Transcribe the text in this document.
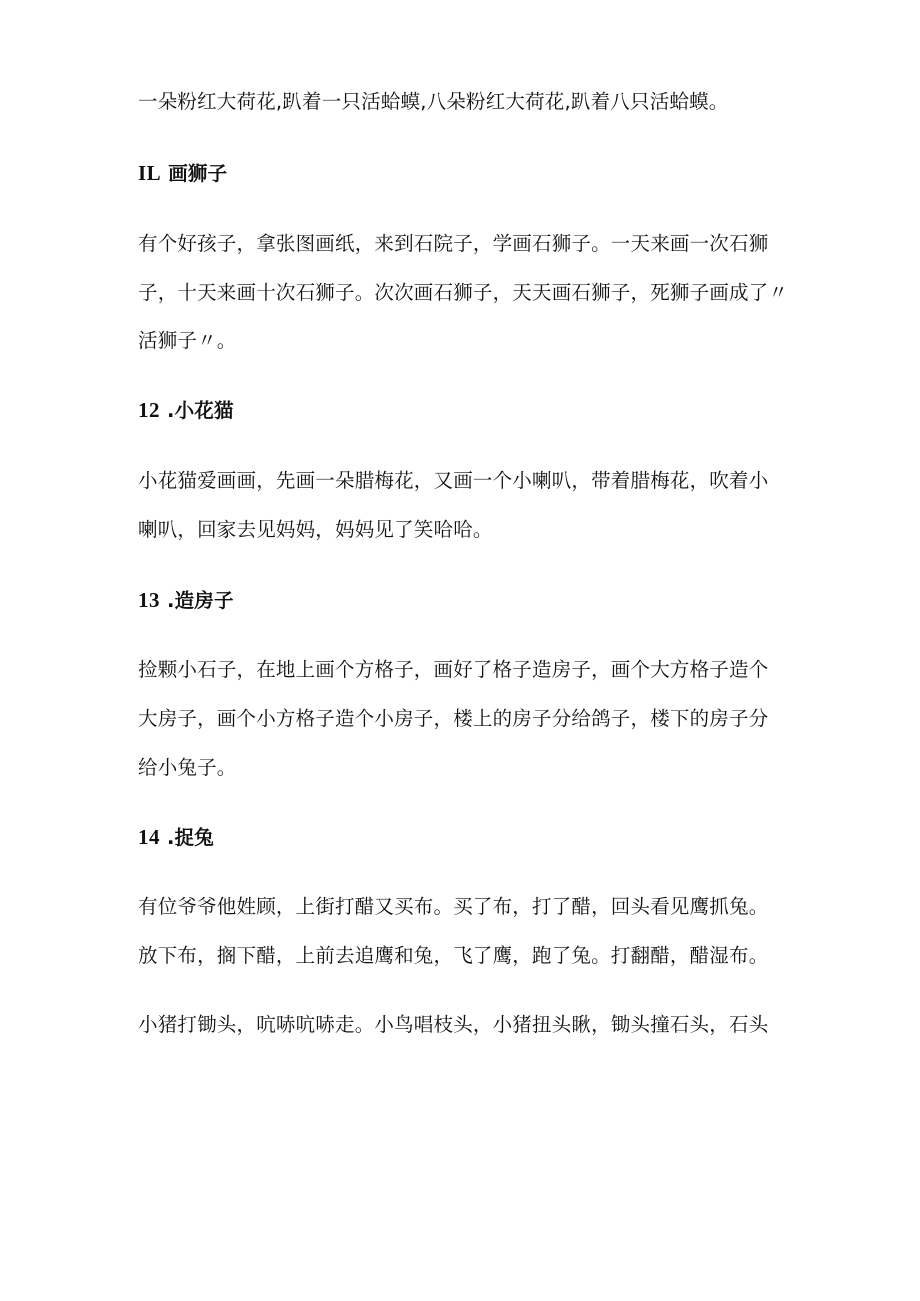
一朵粉红大荷花,趴着一只活蛤蟆,八朵粉红大荷花,趴着八只活蛤蟆。
IL 画狮子
有个好孩子，拿张图画纸，来到石院子，学画石狮子。一天来画一次石狮
子，十天来画十次石狮子。次次画石狮子，天天画石狮子，死狮子画成了〃
活狮子〃。
12 .小花猫
小花猫爱画画，先画一朵腊梅花，又画一个小喇叭，带着腊梅花，吹着小
喇叭，回家去见妈妈，妈妈见了笑哈哈。
13 .造房子
捡颗小石子，在地上画个方格子，画好了格子造房子，画个大方格子造个
大房子，画个小方格子造个小房子，楼上的房子分给鸽子，楼下的房子分
给小兔子。
14 .捉兔
有位爷爷他姓顾，上街打醋又买布。买了布，打了醋，回头看见鹰抓兔。
放下布，搁下醋，上前去追鹰和兔，飞了鹰，跑了兔。打翻醋，醋湿布。
小猪打锄头，吭哧吭哧走。小鸟唱枝头，小猪扭头瞅，锄头撞石头，石头
